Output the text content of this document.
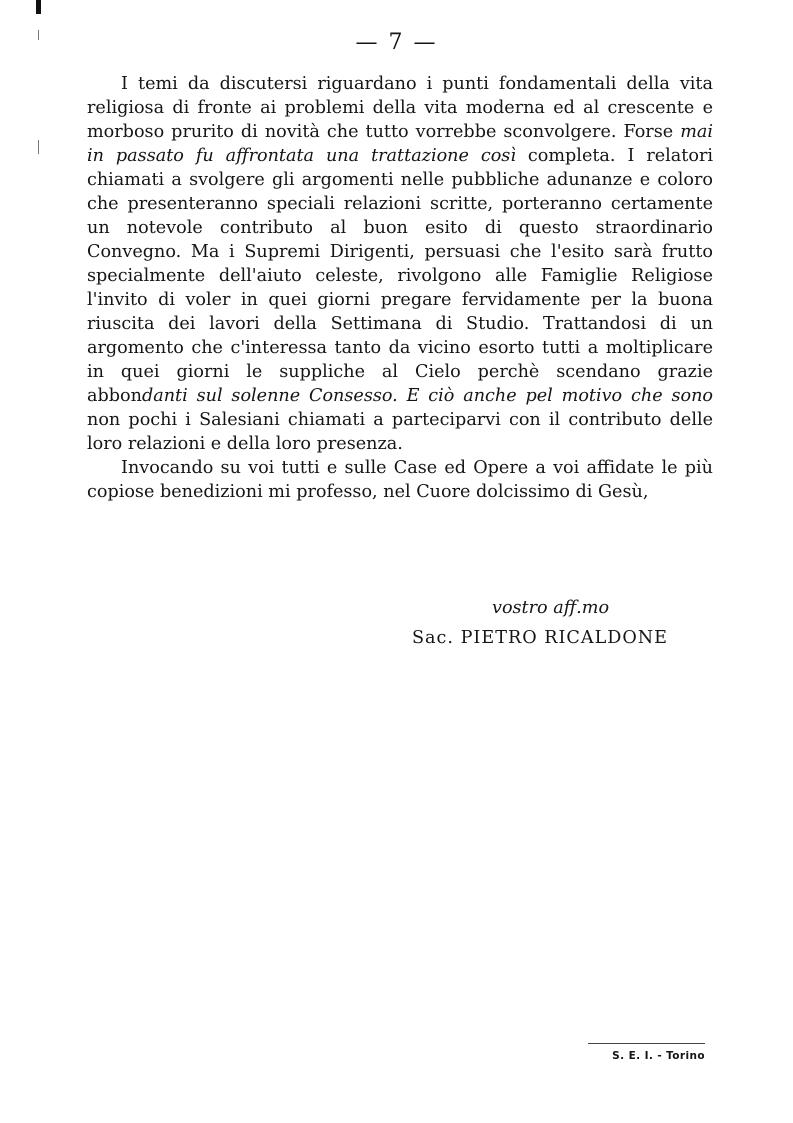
— 7 —

I temi da discutersi riguardano i punti fondamentali della vita religiosa di fronte ai problemi della vita moderna ed al crescente e morboso prurito di novità che tutto vorrebbe sconvolgere. Forse mai in passato fu affrontata una trattazione così completa. I relatori chiamati a svolgere gli argomenti nelle pubbliche adunanze e coloro che presenteranno speciali relazioni scritte, porteranno certamente un notevole contributo al buon esito di questo straordinario Convegno. Ma i Supremi Dirigenti, persuasi che l'esito sarà frutto specialmente dell'aiuto celeste, rivolgono alle Famiglie Religiose l'invito di voler in quei giorni pregare fervidamente per la buona riuscita dei lavori della Settimana di Studio. Trattandosi di un argomento che c'interessa tanto da vicino esorto tutti a moltiplicare in quei giorni le suppliche al Cielo perchè scendano grazie abbondanti sul solenne Consesso. E ciò anche pel motivo che sono non pochi i Salesiani chiamati a parteciparvi con il contributo delle loro relazioni e della loro presenza.

Invocando su voi tutti e sulle Case ed Opere a voi affidate le più copiose benedizioni mi professo, nel Cuore dolcissimo di Gesù,

vostro aff.mo
Sac. PIETRO RICALDONE
S. E. I. - Torino
